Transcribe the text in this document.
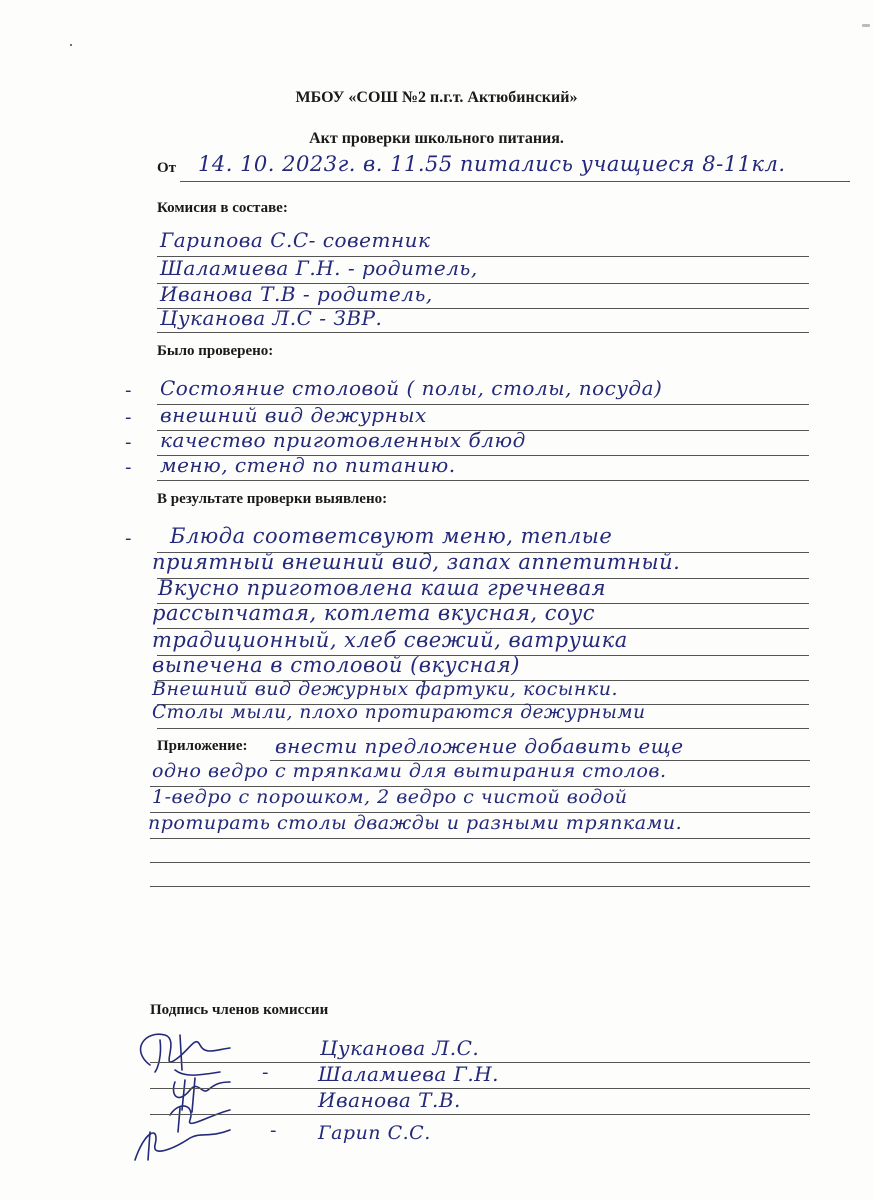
МБОУ «СОШ №2 п.г.т. Актюбинский»
Акт проверки школьного питания.
От 14. 10. 2023г. в. 11.55 питались учащиеся 8-11кл.
Комисия в составе:
Гарипова С.С- советник
Шаламиева Г.Н. - родитель,
Иванова Т.В - родитель,
Цуканова Л.С - ЗВР.
Было проверено:
- Состояние столовой ( полы, столы, посуда)
- внешний вид дежурных
- качество приготовленных блюд
- меню, стенд по питанию.
В результате проверки выявлено:
- Блюда соответсвуют меню, теплые
приятный внешний вид, запах аппетитный.
Вкусно приготовлена каша гречневая
рассыпчатая, котлета вкусная, соус
традиционный, хлеб свежий, ватрушка
выпечена в столовой (вкусная)
Внешний вид дежурных фартуки, косынки.
Столы мыли, плохо протираются дежурными
Приложение: внести предложение добавить еще
одно ведро с тряпками для вытирания столов.
1-ведро с порошком, 2 ведро с чистой водой
протирать столы дважды и разными тряпками.
Подпись членов комиссии
-
-
Цуканова Л.С.
Шаламиева Г.Н.
Иванова Т.В.
Гарип С.С.
